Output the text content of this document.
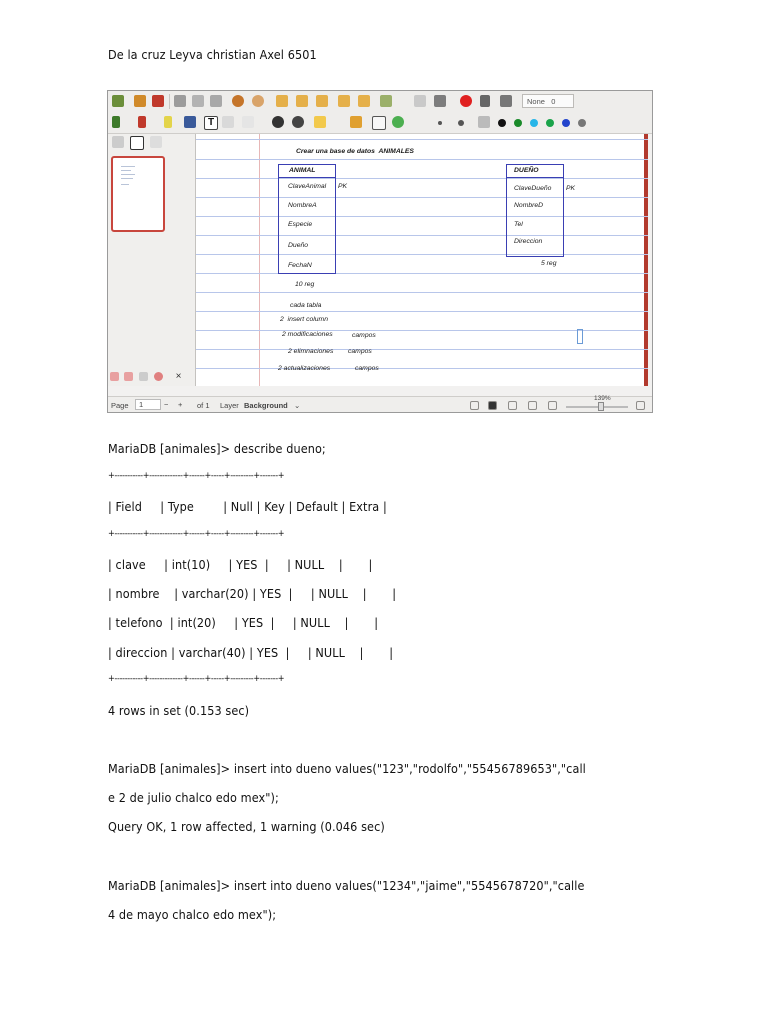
De la cruz Leyva christian Axel 6501
None 0
T
×
Crear una base de datos  ANIMALES
ANIMAL
ClaveAnimal PK
NombreA
Especie
Dueño
FechaN
10 reg
DUEÑO
ClaveDueño PK
NombreD
Tel
Direccion
5 reg
cada tabla
2  insert column
2 modificaciones	campos
2 elimnaciones campos
2 actualizaciones	campos
Page	1	− + of 1 Layer Background ⌄
139%
MariaDB [animales]> describe dueno;
+-----------+-------------+------+-----+---------+-------+
| Field     | Type        | Null | Key | Default | Extra |
+-----------+-------------+------+-----+---------+-------+
| clave     | int(10)     | YES  |     | NULL    |       |
| nombre    | varchar(20) | YES  |     | NULL    |       |
| telefono  | int(20)     | YES  |     | NULL    |       |
| direccion | varchar(40) | YES  |     | NULL    |       |
+-----------+-------------+------+-----+---------+-------+
4 rows in set (0.153 sec)
MariaDB [animales]> insert into dueno values("123","rodolfo","55456789653","call
e 2 de julio chalco edo mex");
Query OK, 1 row affected, 1 warning (0.046 sec)
MariaDB [animales]> insert into dueno values("1234","jaime","5545678720","calle
4 de mayo chalco edo mex");
